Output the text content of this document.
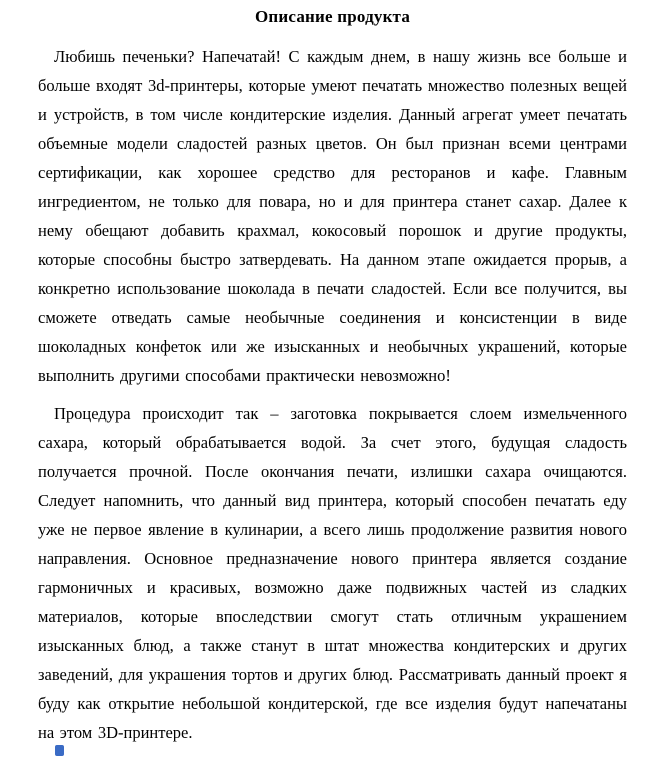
Описание продукта

Любишь печеньки? Напечатай! С каждым днем, в нашу жизнь все больше и больше входят 3d-принтеры, которые умеют печатать множество полезных вещей и устройств, в том числе кондитерские изделия. Данный агрегат умеет печатать объемные модели сладостей разных цветов. Он был признан всеми центрами сертификации, как хорошее средство для ресторанов и кафе. Главным ингредиентом, не только для повара, но и для принтера станет сахар. Далее к нему обещают добавить крахмал, кокосовый порошок и другие продукты, которые способны быстро затвердевать. На данном этапе ожидается прорыв, а конкретно использование шоколада в печати сладостей. Если все получится, вы сможете отведать самые необычные соединения и консистенции в виде шоколадных конфеток или же изысканных и необычных украшений, которые выполнить другими способами практически невозможно!

Процедура происходит так – заготовка покрывается слоем измельченного сахара, который обрабатывается водой. За счет этого, будущая сладость получается прочной. После окончания печати, излишки сахара очищаются. Следует напомнить, что данный вид принтера, который способен печатать еду уже не первое явление в кулинарии, а всего лишь продолжение развития нового направления. Основное предназначение нового принтера является создание гармоничных и красивых, возможно даже подвижных частей из сладких материалов, которые впоследствии смогут стать отличным украшением изысканных блюд, а также станут в штат множества кондитерских и других заведений, для украшения тортов и других блюд. Рассматривать данный проект я буду как открытие небольшой кондитерской, где все изделия будут напечатаны на этом 3D-принтере.
